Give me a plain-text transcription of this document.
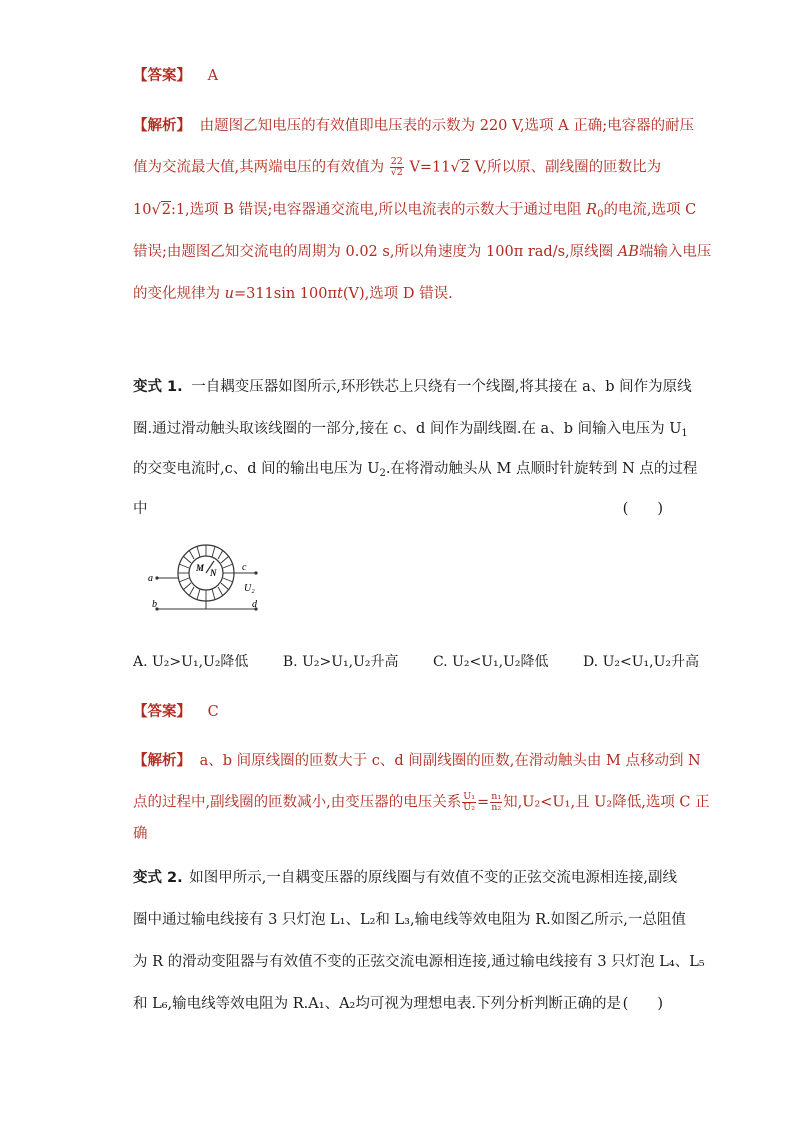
【答案】 A
【解析】 由题图乙知电压的有效值即电压表的示数为 220 V,选项 A 正确;电容器的耐压
值为交流最大值,其两端电压的有效值为 $\frac{22}{√2} V=11√2$ V,所以原、副线圈的匝数比为
10√2:1,选项 B 错误;电容器通交流电,所以电流表的示数大于通过电阻 $R_0$的电流,选项 C
错误;由题图乙知交流电的周期为 0.02 s,所以角速度为 100π rad/s,原线圈 AB端输入电压
的变化规律为 u=311sin 100πt(V),选项 D 错误.
变式 1. 一自耦变压器如图所示,环形铁芯上只绕有一个线圈,将其接在 a、b 间作为原线
圈.通过滑动触头取该线圈的一部分,接在 c、d 间作为副线圈.在 a、b 间输入电压为 $U_1$
的交变电流时,c、d 间的输出电压为 $U_2$.在将滑动触头从 M 点顺时针旋转到 N 点的过程
中	(　　)
a
b
c
d
M N
U₂
A. U₂>U₁,U₂降低 B. U₂>U₁,U₂升高 C. U₂<U₁,U₂降低 D. U₂<U₁,U₂升高
【答案】 C
【解析】 a、b 间原线圈的匝数大于 c、d 间副线圈的匝数,在滑动触头由 M 点移动到 N
点的过程中,副线圈的匝数减小,由变压器的电压关系 $\frac{\text{U₁}}{\text{U₂}} = \frac{\text{n₁}}{\text{n₂}}$ 知,U₂<U₁,且 U₂降低,选项 C 正
确
变式 2. 如图甲所示,一自耦变压器的原线圈与有效值不变的正弦交流电源相连接,副线
圈中通过输电线接有 3 只灯泡 L₁、L₂和 L₃,输电线等效电阻为 R.如图乙所示,一总阻值
为 R 的滑动变阻器与有效值不变的正弦交流电源相连接,通过输电线接有 3 只灯泡 L₄、L₅
和 L₆,输电线等效电阻为 R.A₁、A₂均可视为理想电表.下列分析判断正确的是 (　　)
